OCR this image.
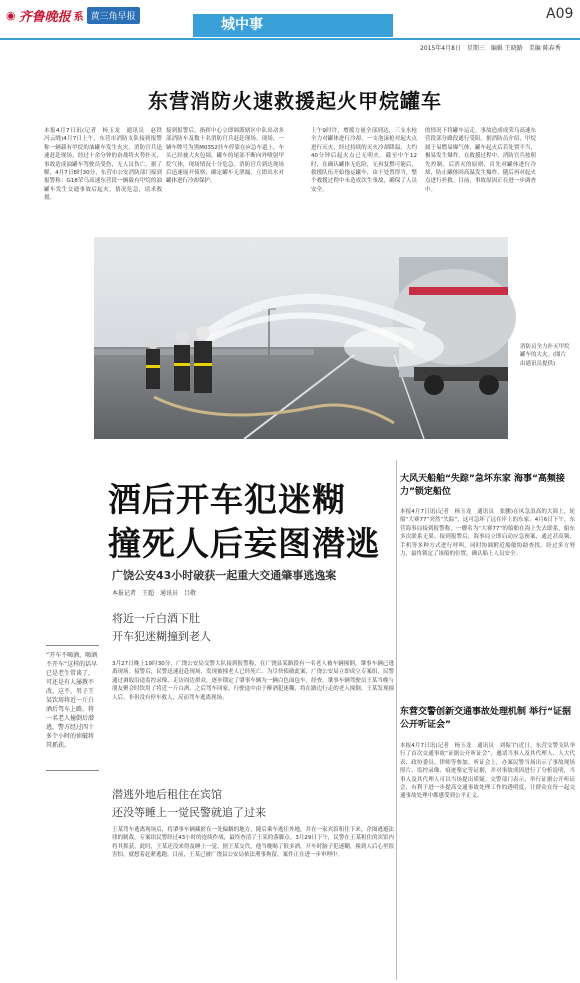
◉ 齐鲁晚报 系 黄三角早报	城中事
A09
2015年4月8日　星期三　编辑 王晓路　美编 陈春秀
东营消防火速救援起火甲烷罐车
本报4月7日讯(记者　杨玉龙　通讯员　赵铁　冯云晓)4月7日上午，东营市消防支队接到报警称一辆载有甲烷的油罐车发生火灾，消防官兵迅速赶赴现场，经过十余分钟的奋战将火势扑灭，事故造成油罐车驾驶员受伤，无人员伤亡。据了解，4月7日8时30分，东营市公安消防部门接到报警称：G18荣乌高速东营段一辆载有甲烷的油罐车发生交通事故后起火，情况危急，请求救援。
接到报警后，指挥中心立即调派辖区中队出动多部消防车及数十名消防官兵赶赴现场。现场，一辆车牌号为黑M0352挂车停靠在应急车道上，车头已经被大火包围，罐车的尾部不断向外喷射甲烷气体，现场情况十分危急。消防官兵到达现场后迅速展开侦察，确定罐车无泄漏，立即出水对罐体进行冷却保护。
上午9时许，增援力量全部到达，三支水枪全力对罐体进行冷却，一支泡沫枪对起火点进行灭火，经过持续的灭火冷却降温，大约40分钟后起火点已无明火。截至中午12时，在确认罐体无危险，无再复燃可能后，救援队伍开始拖运罐车，由于处置得当，整个救援过程中未造成次生事故，确保了人员安全。
的情况下将罐车运走。事故造成成荣乌高速东营段部分路段通行受阻。据消防员介绍，甲烷属于易燃易爆气体，罐车起火后若处置不当，极易发生爆炸。在救援过程中，消防官兵按照先控制、后消灭的原则，首先对罐体进行冷却，防止罐体因高温发生爆炸，随后再对起火点进行扑救。目前，事故原因正在进一步调查中。
消防员全力扑灭甲烷罐车的大火。(图片由通讯员提供)
酒后开车犯迷糊
撞死人后妄图潜逃
广饶公安43小时破获一起重大交通肇事逃逸案
本报记者　王超　通讯员　吕敬
将近一斤白酒下肚
开车犯迷糊撞到老人
“开车不喝酒，喝酒不开车”这样的话早已是老生常谈了，可还是有人屡教不改，这不，男子王某饮用将近一斤白酒后驾车上路，将一名老人撞倒后潜逃，警方经过四十多个小时的侦破将其抓获。
3月27日晚上19时30分，广饶公安局交警大队接到报警称，在广饶县某路段有一名老人被车辆撞倒，肇事车辆已逃离现场。接警后，民警迅速赶赴现场，发现被撞老人已经死亡。为尽快侦破此案，广饶公安局立即成立专案组，民警通过调取沿途监控录像、走访周边群众，逐步锁定了肇事车辆为一辆白色面包车。经查，肇事车辆驾驶员王某当晚与朋友聚会时饮用了将近一斤白酒，之后驾车回家，行驶途中由于醉酒犯迷糊，将在路边行走的老人撞倒，王某发现撞人后，非但没有停车救人，反而驾车逃离现场。
潜逃外地后租住在宾馆
还没等睡上一觉民警就追了过来
王某驾车逃离现场后，将肇事车辆藏匿在一处偏僻的地方，随后乘车逃往外地，并在一家宾馆租住下来，企图逃避法律的制裁。专案组民警经过43小时的连续作战，最终查清了王某的落脚点。3月29日下午，民警在王某租住的宾馆内将其抓获，此时，王某还没来得及睡上一觉。据王某交代，他当晚喝了很多酒，开车时脑子犯迷糊，撞到人后心里很害怕，就想着赶紧逃跑。目前，王某已被广饶县公安局依法刑事拘留，案件正在进一步审理中。
大风天船舶“失踪”急坏东家 海事“高频接力”锁定船位
本报4月7日讯(记者　杨玉龙　通讯员　张鹏)在风急浪高的大海上，轮船“大赛77”突然“失踪”，这可急坏了远在岸上的东家。4月6日下午，东营海事局接到报警称，一艘名为“大赛77”的船舶在海上失去联系，船东多次联系无果。接到报警后，海事局立即启动应急预案，通过甚高频、手机等多种方式进行呼叫，同时协调附近船舶协助查找。经过多方努力，最终锁定了该船的位置，确认船上人员安全。
东营交警创新交通事故处理机制 举行“证据公开听证会”
本报4月7日讯(记者　杨玉龙　通讯员　刘振宇)近日，东营交警支队举行了首次交通事故“证据公开听证会”，邀请当事人及其代理人、人大代表、政协委员、律师等参加。听证会上，办案民警当场出示了事故现场照片、监控录像、痕迹鉴定等证据，并对事故成因进行了分析说明，当事人及其代理人可以当场提出质疑。交警部门表示，举行证据公开听证会，有利于进一步提高交通事故处理工作的透明度，让群众在每一起交通事故处理中都感受到公平正义。
